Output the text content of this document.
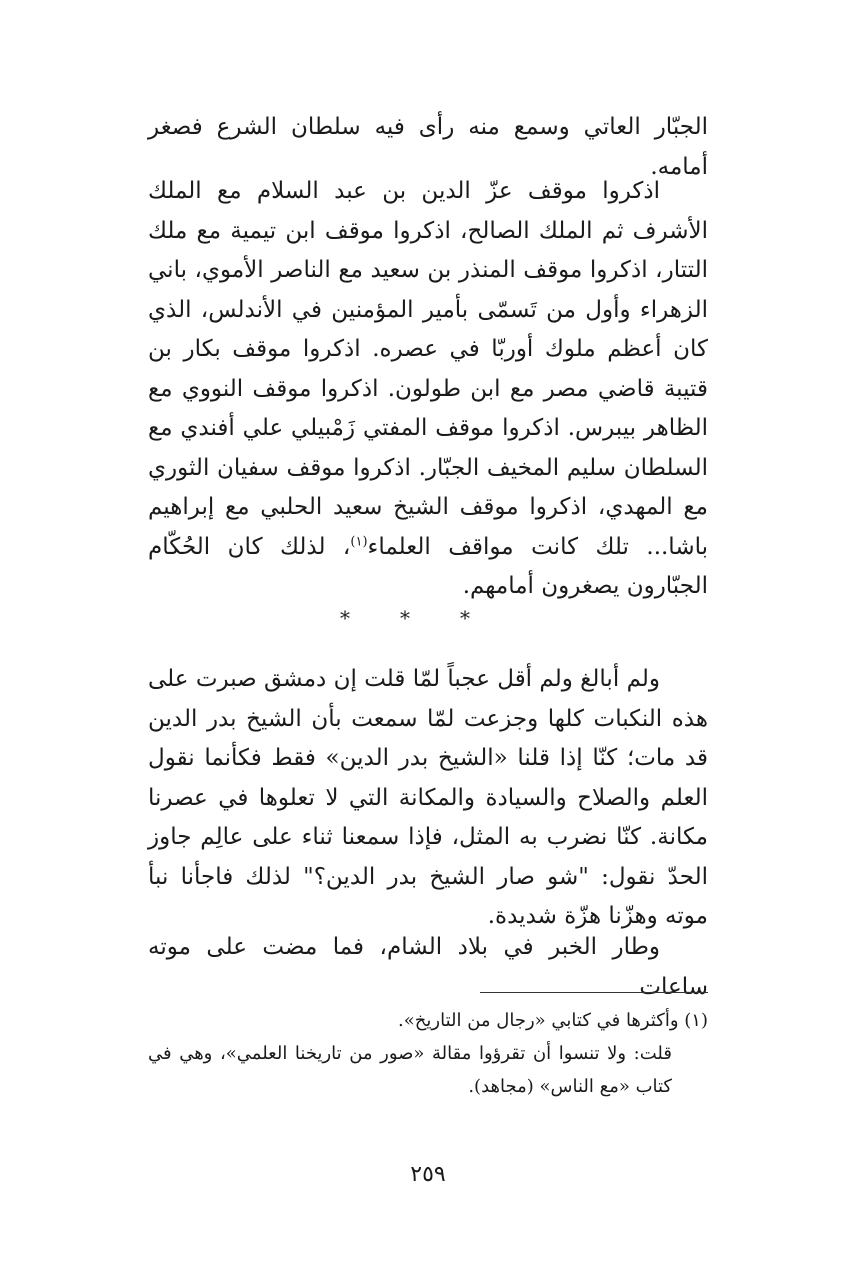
الجبّار العاتي وسمع منه رأى فيه سلطان الشرع فصغر أمامه.

اذكروا موقف عزّ الدين بن عبد السلام مع الملك الأشرف ثم الملك الصالح، اذكروا موقف ابن تيمية مع ملك التتار، اذكروا موقف المنذر بن سعيد مع الناصر الأموي، باني الزهراء وأول من تَسمّى بأمير المؤمنين في الأندلس، الذي كان أعظم ملوك أوربّا في عصره. اذكروا موقف بكار بن قتيبة قاضي مصر مع ابن طولون. اذكروا موقف النووي مع الظاهر بيبرس. اذكروا موقف المفتي زَمْبيلي علي أفندي مع السلطان سليم المخيف الجبّار. اذكروا موقف سفيان الثوري مع المهدي، اذكروا موقف الشيخ سعيد الحلبي مع إبراهيم باشا... تلك كانت مواقف العلماء$^{(١)}$، لذلك كان الحُكّام الجبّارون يصغرون أمامهم.

*
*
*

ولم أبالغ ولم أقل عجباً لمّا قلت إن دمشق صبرت على هذه النكبات كلها وجزعت لمّا سمعت بأن الشيخ بدر الدين قد مات؛ كنّا إذا قلنا «الشيخ بدر الدين» فقط فكأنما نقول العلم والصلاح والسيادة والمكانة التي لا تعلوها في عصرنا مكانة. كنّا نضرب به المثل، فإذا سمعنا ثناء على عالِم جاوز الحدّ نقول: "شو صار الشيخ بدر الدين؟" لذلك فاجأنا نبأ موته وهزّنا هزّة شديدة.

وطار الخبر في بلاد الشام، فما مضت على موته ساعات

(١) وأكثرها في كتابي «رجال من التاريخ».

قلت: ولا تنسوا أن تقرؤوا مقالة «صور من تاريخنا العلمي»، وهي في كتاب «مع الناس» (مجاهد).

٢٥٩
